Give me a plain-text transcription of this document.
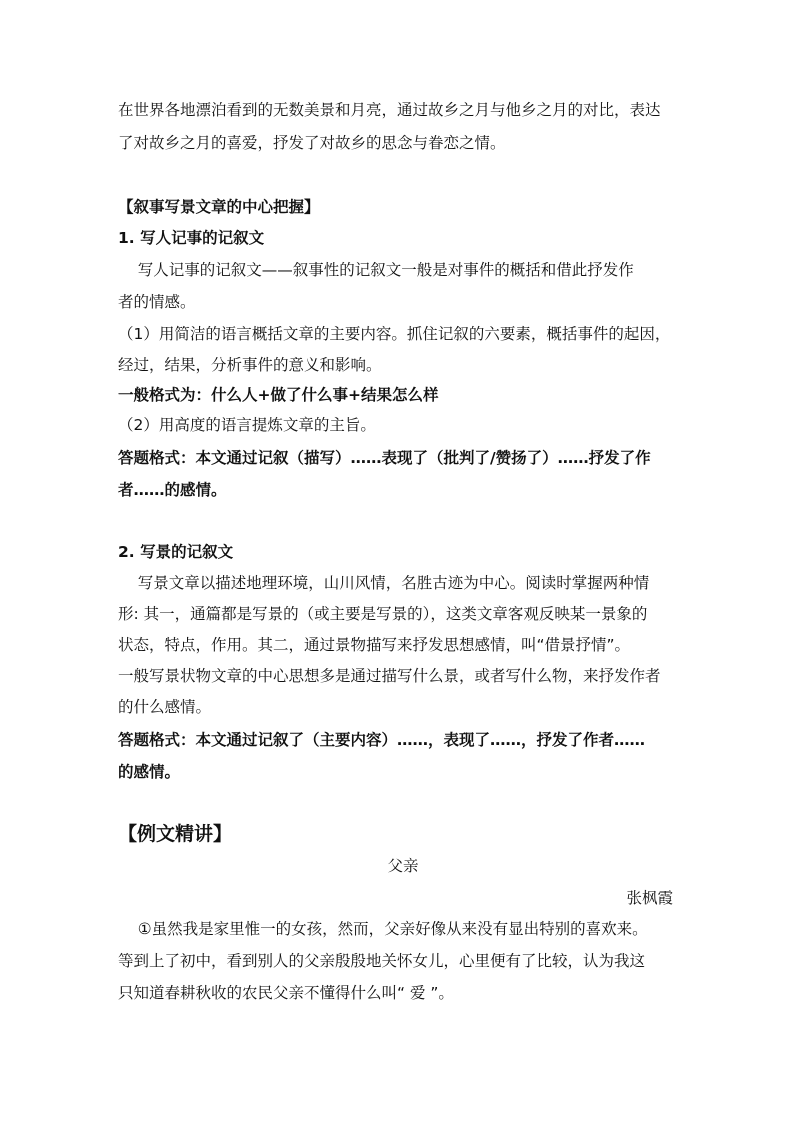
在世界各地漂泊看到的无数美景和月亮，通过故乡之月与他乡之月的对比，表达

了对故乡之月的喜爱，抒发了对故乡的思念与眷恋之情。

【叙事写景文章的中心把握】

1. 写人记事的记叙文

写人记事的记叙文——叙事性的记叙文一般是对事件的概括和借此抒发作

者的情感。

（1）用简洁的语言概括文章的主要内容。抓住记叙的六要素，概括事件的起因，

经过，结果，分析事件的意义和影响。

一般格式为：什么人+做了什么事+结果怎么样

（2）用高度的语言提炼文章的主旨。

答题格式：本文通过记叙（描写）……表现了（批判了/赞扬了）……抒发了作

者……的感情。

2. 写景的记叙文

写景文章以描述地理环境，山川风情，名胜古迹为中心。阅读时掌握两种情

形: 其一，通篇都是写景的（或主要是写景的），这类文章客观反映某一景象的

状态，特点，作用。其二，通过景物描写来抒发思想感情，叫“借景抒情”。

一般写景状物文章的中心思想多是通过描写什么景，或者写什么物，来抒发作者

的什么感情。

答题格式：本文通过记叙了（主要内容）……，表现了……，抒发了作者……

的感情。

【例文精讲】

父亲

张枫霞

①虽然我是家里惟一的女孩，然而，父亲好像从来没有显出特别的喜欢来。

等到上了初中，看到别人的父亲殷殷地关怀女儿，心里便有了比较，认为我这

只知道春耕秋收的农民父亲不懂得什么叫“ 爱 ”。
